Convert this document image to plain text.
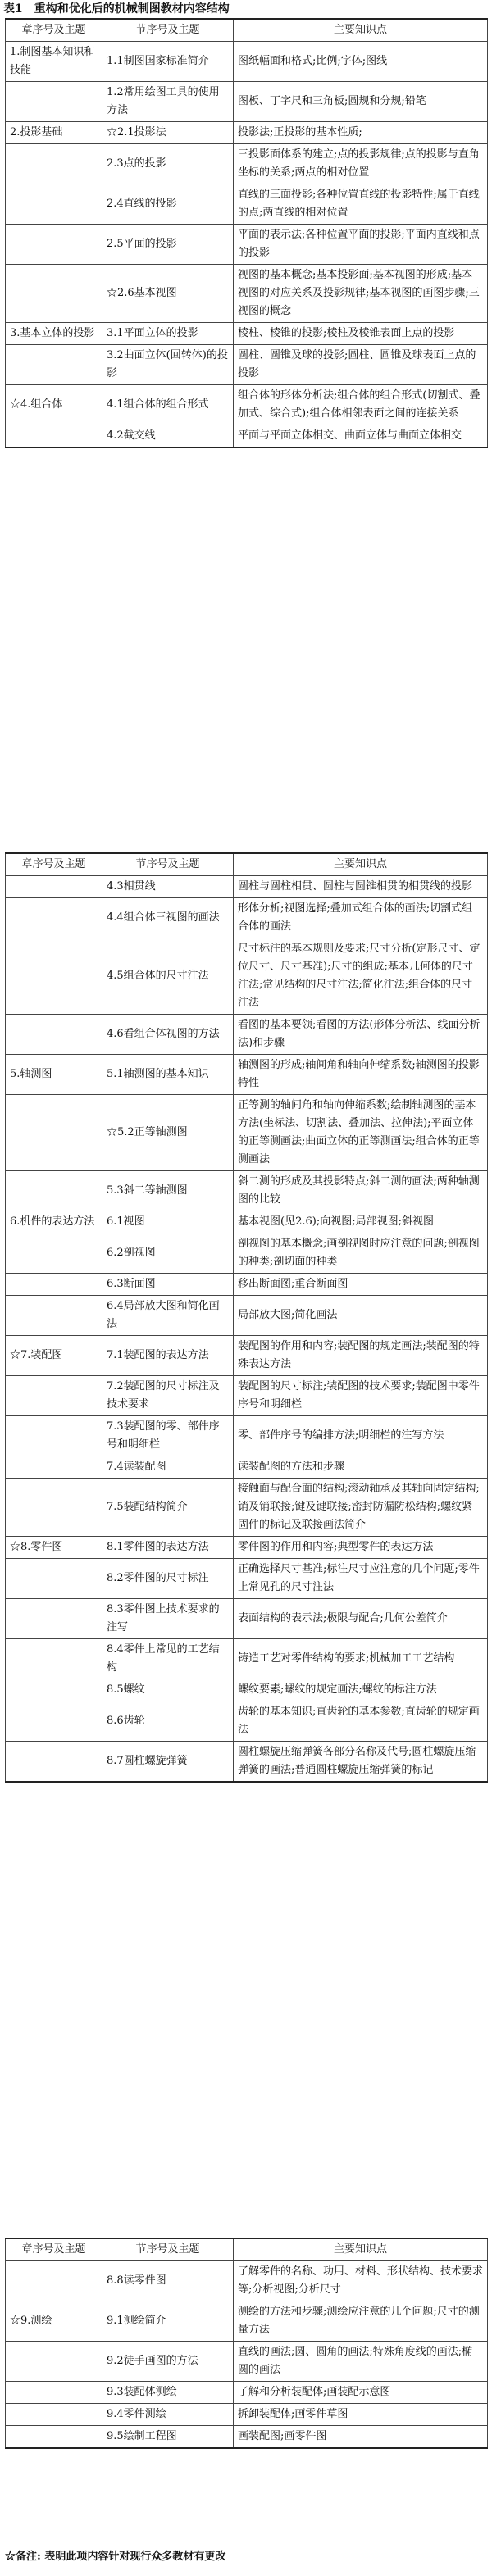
表1 重构和优化后的机械制图教材内容结构
章序号及主题	节序号及主题	主要知识点
1.制图基本知识和技能	1.1制图国家标准简介	图纸幅面和格式;比例;字体;图线
	1.2常用绘图工具的使用方法	图板、丁字尺和三角板;圆规和分规;铅笔
2.投影基础	☆2.1投影法	投影法;正投影的基本性质;
	2.3点的投影	三投影面体系的建立;点的投影规律;点的投影与直角坐标的关系;两点的相对位置
	2.4直线的投影	直线的三面投影;各种位置直线的投影特性;属于直线的点;两直线的相对位置
	2.5平面的投影	平面的表示法;各种位置平面的投影;平面内直线和点的投影
	☆2.6基本视图	视图的基本概念;基本投影面;基本视图的形成;基本视图的对应关系及投影规律;基本视图的画图步骤;三视图的概念
3.基本立体的投影	3.1平面立体的投影	棱柱、棱锥的投影;棱柱及棱锥表面上点的投影
	3.2曲面立体(回转体)的投影	圆柱、圆锥及球的投影;圆柱、圆锥及球表面上点的投影
☆4.组合体	4.1组合体的组合形式	组合体的形体分析法;组合体的组合形式(切割式、叠加式、综合式);组合体相邻表面之间的连接关系
	4.2截交线	平面与平面立体相交、曲面立体与曲面立体相交
章序号及主题	节序号及主题	主要知识点
	4.3相贯线	圆柱与圆柱相贯、圆柱与圆锥相贯的相贯线的投影
	4.4组合体三视图的画法	形体分析;视图选择;叠加式组合体的画法;切割式组合体的画法
	4.5组合体的尺寸注法	尺寸标注的基本规则及要求;尺寸分析(定形尺寸、定位尺寸、尺寸基准);尺寸的组成;基本几何体的尺寸注法;常见结构的尺寸注法;简化注法;组合体的尺寸注法
	4.6看组合体视图的方法	看图的基本要领;看图的方法(形体分析法、线面分析法)和步骤
5.轴测图	5.1轴测图的基本知识	轴测图的形成;轴间角和轴向伸缩系数;轴测图的投影特性
	☆5.2正等轴测图	正等测的轴间角和轴向伸缩系数;绘制轴测图的基本方法(坐标法、切割法、叠加法、拉伸法);平面立体的正等测画法;曲面立体的正等测画法;组合体的正等测画法
	5.3斜二等轴测图	斜二测的形成及其投影特点;斜二测的画法;两种轴测图的比较
6.机件的表达方法	6.1视图	基本视图(见2.6);向视图;局部视图;斜视图
	6.2剖视图	剖视图的基本概念;画剖视图时应注意的问题;剖视图的种类;剖切面的种类
	6.3断面图	移出断面图;重合断面图
	6.4局部放大图和简化画法	局部放大图;简化画法
☆7.装配图	7.1装配图的表达方法	装配图的作用和内容;装配图的规定画法;装配图的特殊表达方法
	7.2装配图的尺寸标注及技术要求	装配图的尺寸标注;装配图的技术要求;装配图中零件序号和明细栏
	7.3装配图的零、部件序号和明细栏	零、部件序号的编排方法;明细栏的注写方法
	7.4读装配图	读装配图的方法和步骤
	7.5装配结构简介	接触面与配合面的结构;滚动轴承及其轴向固定结构;销及销联接;键及键联接;密封防漏防松结构;螺纹紧固件的标记及联接画法简介
☆8.零件图	8.1零件图的表达方法	零件图的作用和内容;典型零件的表达方法
	8.2零件图的尺寸标注	正确选择尺寸基准;标注尺寸应注意的几个问题;零件上常见孔的尺寸注法
	8.3零件图上技术要求的注写	表面结构的表示法;极限与配合;几何公差简介
	8.4零件上常见的工艺结构	铸造工艺对零件结构的要求;机械加工工艺结构
	8.5螺纹	螺纹要素;螺纹的规定画法;螺纹的标注方法
	8.6齿轮	齿轮的基本知识;直齿轮的基本参数;直齿轮的规定画法
	8.7圆柱螺旋弹簧	圆柱螺旋压缩弹簧各部分名称及代号;圆柱螺旋压缩弹簧的画法;普通圆柱螺旋压缩弹簧的标记
章序号及主题	节序号及主题	主要知识点
	8.8读零件图	了解零件的名称、功用、材料、形状结构、技术要求等;分析视图;分析尺寸
☆9.测绘	9.1测绘简介	测绘的方法和步骤;测绘应注意的几个问题;尺寸的测量方法
	9.2徒手画图的方法	直线的画法;圆、圆角的画法;特殊角度线的画法;椭圆的画法
	9.3装配体测绘	了解和分析装配体;画装配示意图
	9.4零件测绘	拆卸装配体;画零件草图
	9.5绘制工程图	画装配图;画零件图
☆备注: 表明此项内容针对现行众多教材有更改
